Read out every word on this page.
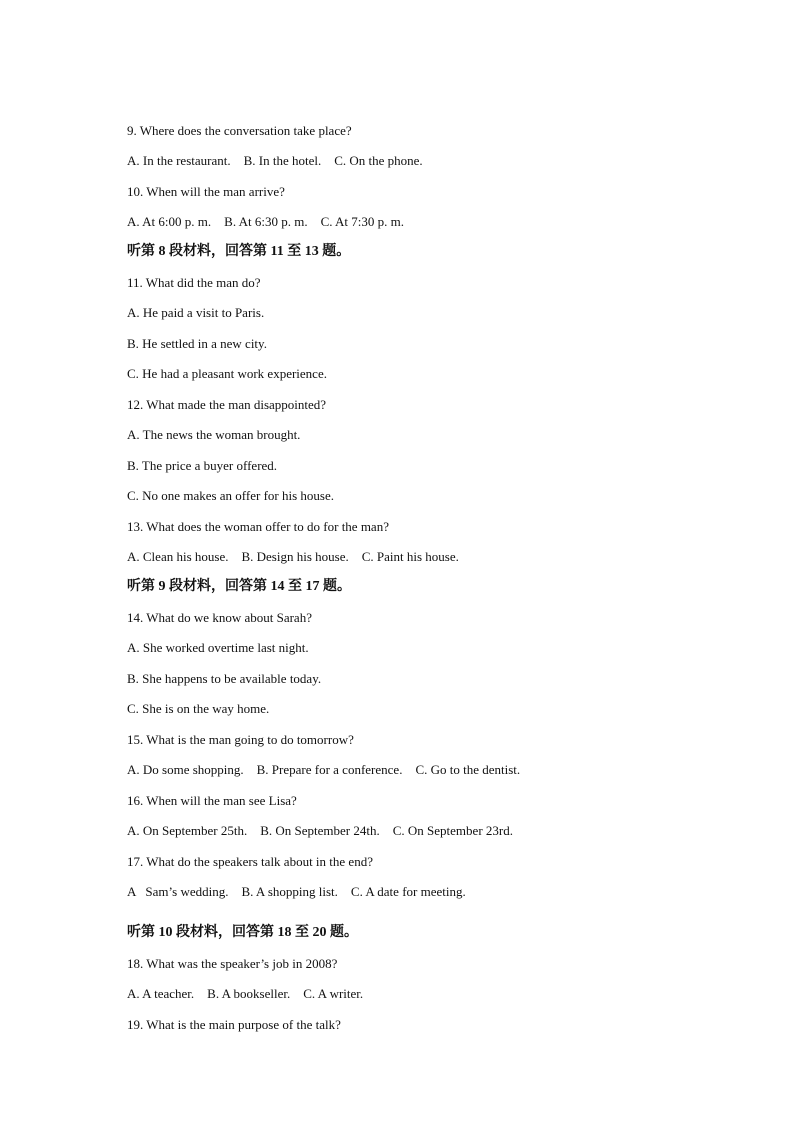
9. Where does the conversation take place?
A. In the restaurant.    B. In the hotel.    C. On the phone.
10. When will the man arrive?
A. At 6:00 p. m.    B. At 6:30 p. m.    C. At 7:30 p. m.
听第 8 段材料，回答第 11 至 13 题。
11. What did the man do?
A. He paid a visit to Paris.
B. He settled in a new city.
C. He had a pleasant work experience.
12. What made the man disappointed?
A. The news the woman brought.
B. The price a buyer offered.
C. No one makes an offer for his house.
13. What does the woman offer to do for the man?
A. Clean his house.    B. Design his house.    C. Paint his house.
听第 9 段材料，回答第 14 至 17 题。
14. What do we know about Sarah?
A. She worked overtime last night.
B. She happens to be available today.
C. She is on the way home.
15. What is the man going to do tomorrow?
A. Do some shopping.    B. Prepare for a conference.    C. Go to the dentist.
16. When will the man see Lisa?
A. On September 25th.    B. On September 24th.    C. On September 23rd.
17. What do the speakers talk about in the end?
A   Sam’s wedding.    B. A shopping list.    C. A date for meeting.
听第 10 段材料，回答第 18 至 20 题。
18. What was the speaker’s job in 2008?
A. A teacher.    B. A bookseller.    C. A writer.
19. What is the main purpose of the talk?
